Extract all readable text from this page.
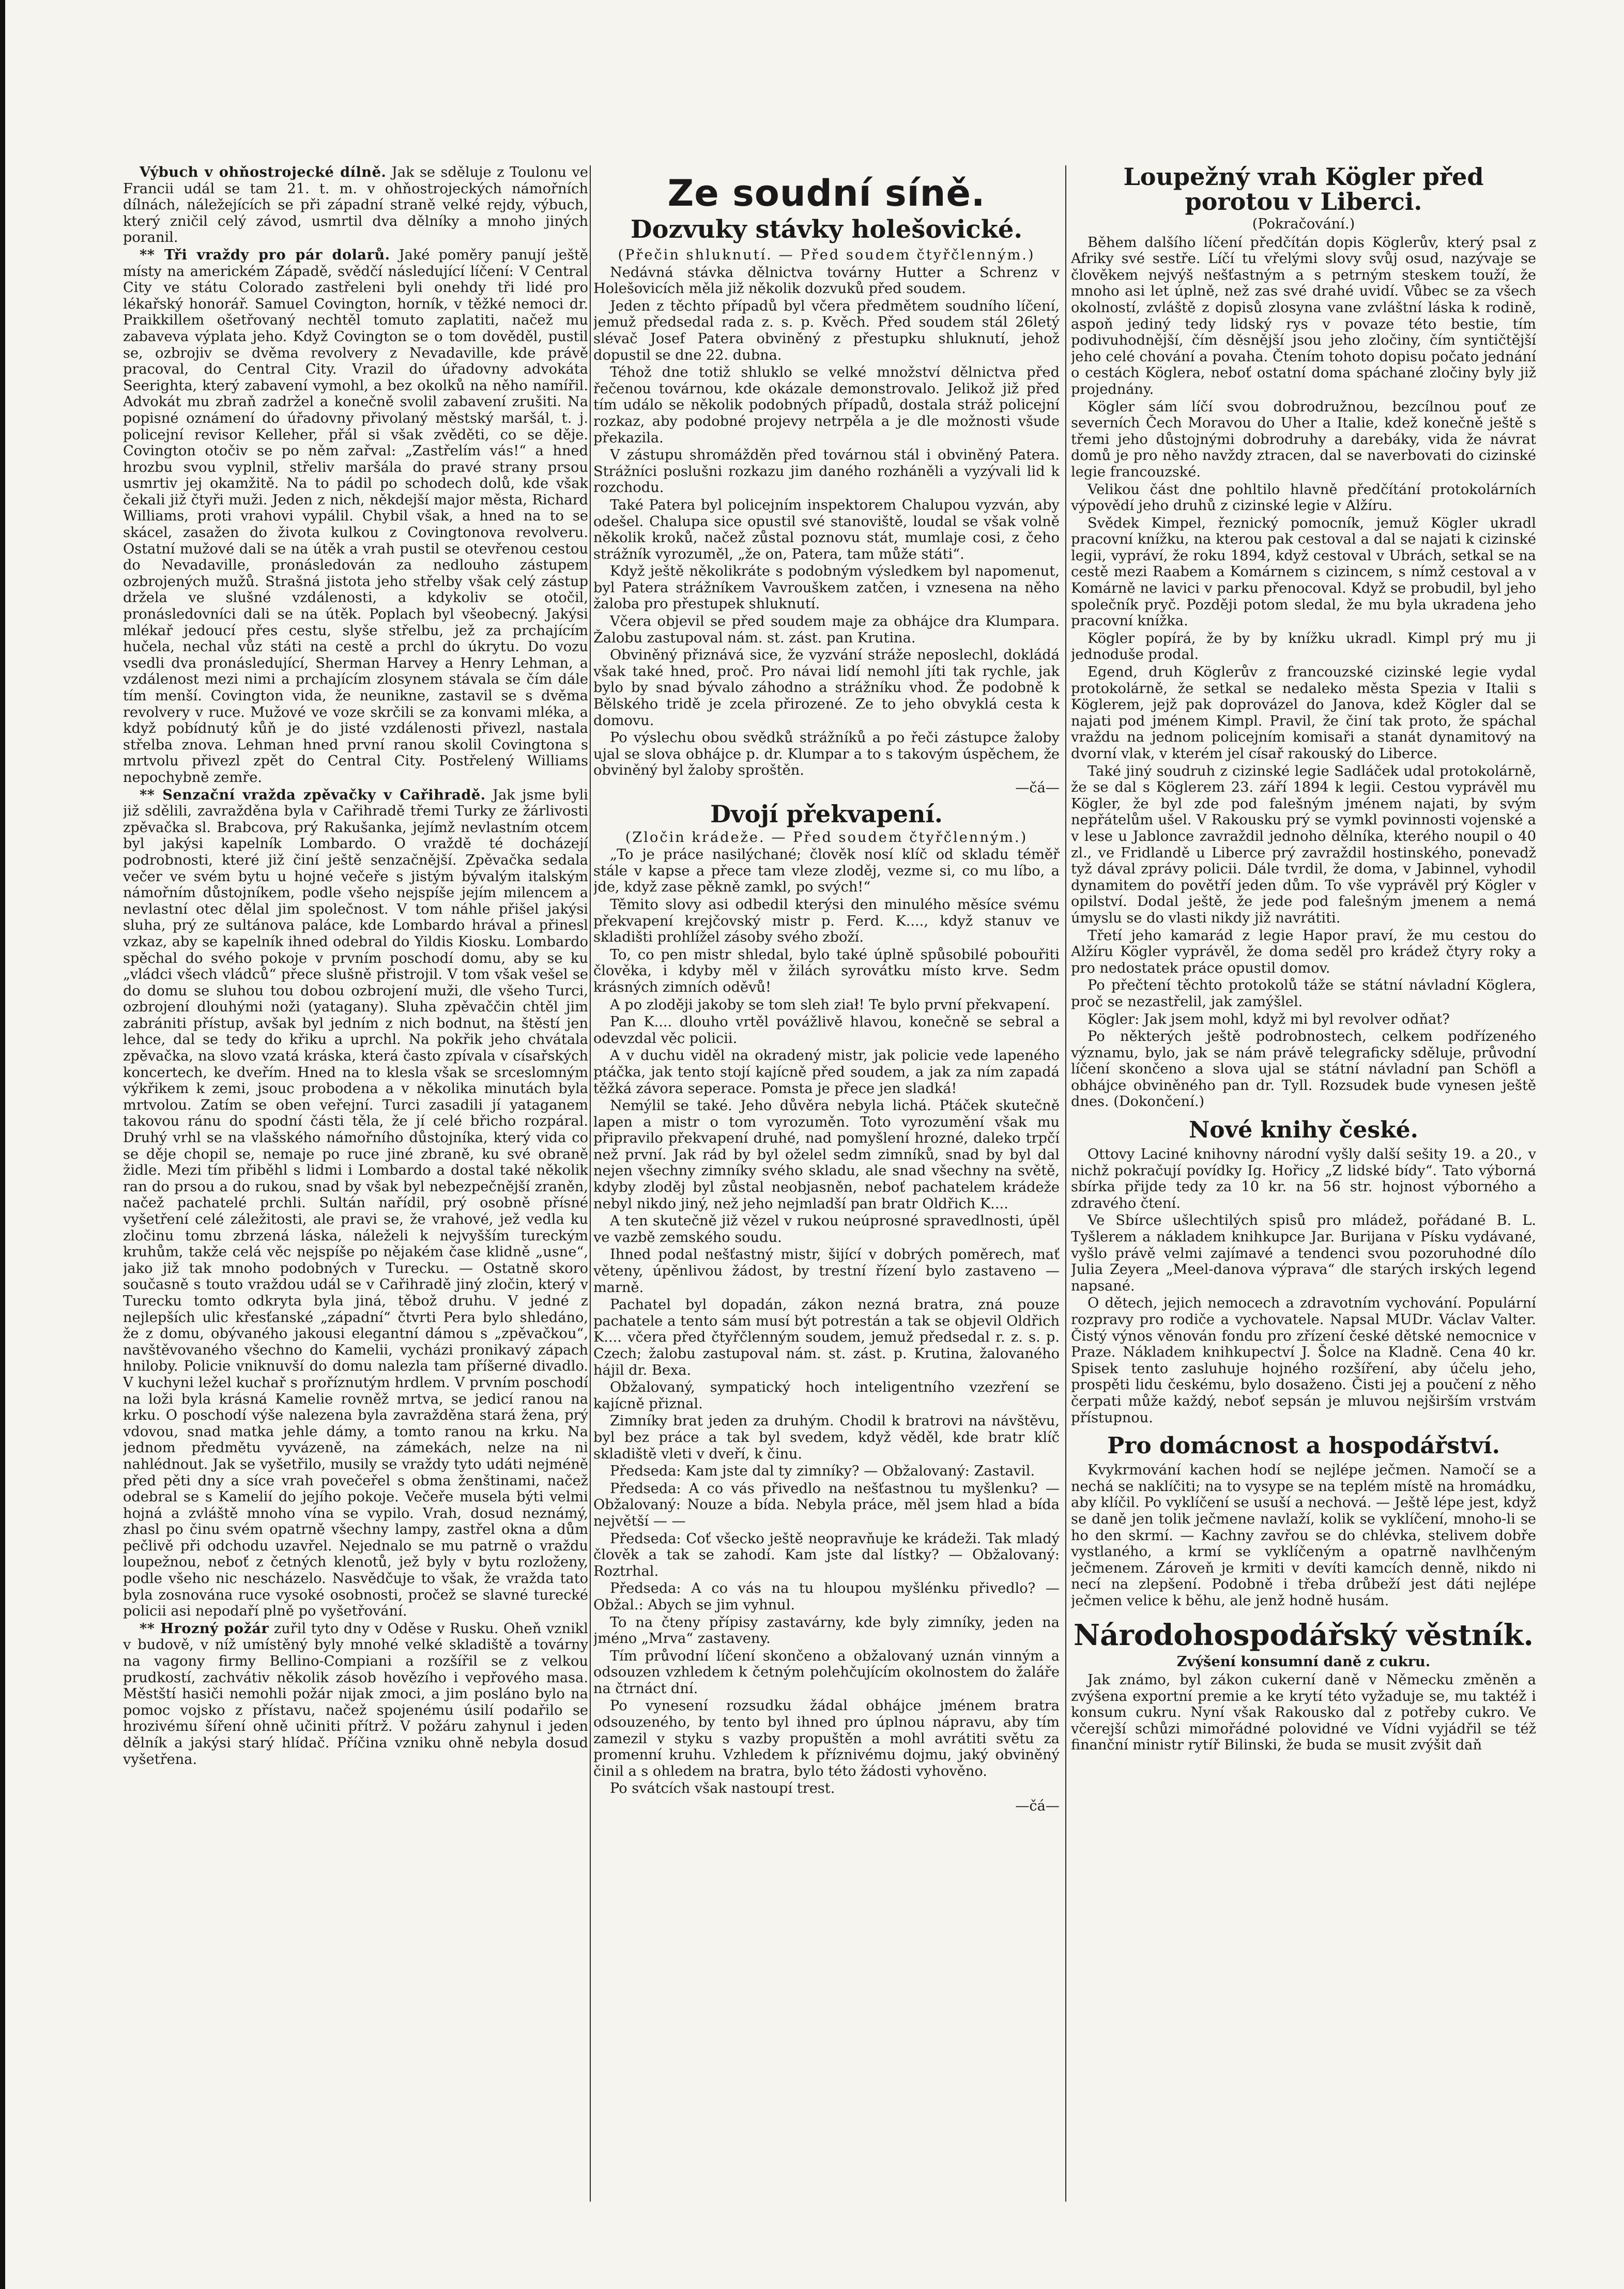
Výbuch v ohňostrojecké dílně. Jak se sděluje z Toulonu ve Francii udál se tam 21. t. m. v ohňostrojeckých námořních dílnách, náležejících se při západní straně velké rejdy, výbuch, který zničil celý závod, usmrtil dva dělníky a mnoho jiných poranil.

** Tři vraždy pro pár dolarů. Jaké poměry panují ještě místy na americkém Západě, svědčí následující líčení: V Central City ve státu Colorado zastřeleni byli onehdy tři lidé pro lékařský honorář. Samuel Covington, horník, v těžké nemoci dr. Praikkillem ošetřovaný nechtěl tomuto zaplatiti, načež mu zabaveva výplata jeho. Když Covington se o tom dověděl, pustil se, ozbrojiv se dvěma revolvery z Nevadaville, kde právě pracoval, do Central City. Vrazil do úřadovny advokáta Seerighta, který zabavení vymohl, a bez okolků na něho namířil. Advokát mu zbraň zadržel a konečně svolil zabavení zrušiti. Na popisné oznámení do úřadovny přivolaný městský maršál, t. j. policejní revisor Kelleher, přál si však zvěděti, co se děje. Covington otočiv se po něm zařval: „Zastřelím vás!“ a hned hrozbu svou vyplnil, střeliv maršála do pravé strany prsou usmrtiv jej okamžitě. Na to pádil po schodech dolů, kde však čekali již čtyři muži. Jeden z nich, někdejší major města, Richard Williams, proti vrahovi vypálil. Chybil však, a hned na to se skácel, zasažen do života kulkou z Covingtonova revolveru. Ostatní mužové dali se na útěk a vrah pustil se otevřenou cestou do Nevadaville, pronásledován za nedlouho zástupem ozbrojených mužů. Strašná jistota jeho střelby však celý zástup držela ve slušné vzdálenosti, a kdykoliv se otočil, pronásledovníci dali se na útěk. Poplach byl všeobecný. Jakýsi mlékař jedoucí přes cestu, slyše střelbu, jež za prchajícím hučela, nechal vůz státi na cestě a prchl do úkrytu. Do vozu vsedli dva pronásledující, Sherman Harvey a Henry Lehman, a vzdálenost mezi nimi a prchajícím zlosynem stávala se čím dále tím menší. Covington vida, že neunikne, zastavil se s dvěma revolvery v ruce. Mužové ve voze skrčili se za konvami mléka, a když pobídnutý kůň je do jisté vzdálenosti přivezl, nastala střelba znova. Lehman hned první ranou skolil Covingtona s mrtvolu přivezl zpět do Central City. Postřelený Williams nepochybně zemře.

** Senzační vražda zpěvačky v Cařihradě. Jak jsme byli již sdělili, zavražděna byla v Cařihradě třemi Turky ze žárlivosti zpěvačka sl. Brabcova, prý Rakušanka, jejímž nevlastním otcem byl jakýsi kapelník Lombardo. O vraždě té docházejí podrobnosti, které již činí ještě senzačnější. Zpěvačka sedala večer ve svém bytu u hojné večeře s jistým bývalým italským námořním důstojníkem, podle všeho nejspíše jejím milencem a nevlastní otec dělal jim společnost. V tom náhle přišel jakýsi sluha, prý ze sultánova paláce, kde Lombardo hrával a přinesl vzkaz, aby se kapelník ihned odebral do Yildis Kiosku. Lombardo spěchal do svého pokoje v prvním poschodí domu, aby se ku „vládci všech vládců“ přece slušně přistrojil. V tom však vešel se do domu se sluhou tou dobou ozbrojení muži, dle všeho Turci, ozbrojení dlouhými noži (yatagany). Sluha zpěvaččin chtěl jim zabrániti přístup, avšak byl jedním z nich bodnut, na štěstí jen lehce, dal se tedy do křiku a uprchl. Na pokřik jeho chvátala zpěvačka, na slovo vzatá kráska, která často zpívala v císařských koncertech, ke dveřím. Hned na to klesla však se srceslomným výkřikem k zemi, jsouc probodena a v několika minutách byla mrtvolou. Zatím se oben veřejní. Turci zasadili jí yataganem takovou ránu do spodní části těla, že jí celé břicho rozpáral. Druhý vrhl se na vlašského námořního důstojníka, který vida co se děje chopil se, nemaje po ruce jiné zbraně, ku své obraně židle. Mezi tím přiběhl s lidmi i Lombardo a dostal také několik ran do prsou a do rukou, snad by však byl nebezpečnější zraněn, načež pachatelé prchli. Sultán nařídil, prý osobně přísné vyšetření celé záležitosti, ale pravi se, že vrahové, jež vedla ku zločinu tomu zbrzená láska, náleželi k nejvyšším tureckým kruhům, takže celá věc nejspíše po nějakém čase klidně „usne“, jako již tak mnoho podobných v Turecku. — Ostatně skoro současně s touto vraždou udál se v Cařihradě jiný zločin, který v Turecku tomto odkryta byla jiná, těbož druhu. V jedné z nejlepších ulic křesťanské „západní“ čtvrti Pera bylo shledáno, že z domu, obývaného jakousi elegantní dámou s „zpěvačkou“, navštěvovaného všechno do Kamelii, vycházi pronikavý zápach hniloby. Policie vniknuvší do domu nalezla tam příšerné divadlo. V kuchyni ležel kuchař s proříznutým hrdlem. V prvním poschodí na loži byla krásná Kamelie rovněž mrtva, se jedicí ranou na krku. O poschodí výše nalezena byla zavražděna stará žena, prý vdovou, snad matka jehle dámy, a tomto ranou na krku. Na jednom předmětu vyvázeně, na zámekách, nelze na ni nahlédnout. Jak se vyšetřilo, musily se vraždy tyto udáti nejméně před pěti dny a síce vrah povečeřel s obma ženštinami, načež odebral se s Kamelií do jejího pokoje. Večeře musela býti velmi hojná a zvláště mnoho vína se vypilo. Vrah, dosud neznámý, zhasl po činu svém opatrně všechny lampy, zastřel okna a dům pečlivě při odchodu uzavřel. Nejednalo se mu patrně o vraždu loupežnou, neboť z četných klenotů, jež byly v bytu rozloženy, podle všeho nic nescházelo. Nasvědčuje to však, že vražda tato byla zosnována ruce vysoké osobnosti, pročež se slavné turecké policii asi nepodaří plně po vyšetřování.

** Hrozný požár zuřil tyto dny v Oděse v Rusku. Oheň vznikl v budově, v níž umístěný byly mnohé velké skladiště a továrny na vagony firmy Bellino-Compiani a rozšířil se z velkou prudkostí, zachvátiv několik zásob hovězího i vepřového masa. Městští hasiči nemohli požár nijak zmoci, a jim posláno bylo na pomoc vojsko z přístavu, načež spojenému úsilí podařilo se hrozivému šíření ohně učiniti přítrž. V požáru zahynul i jeden dělník a jakýsi starý hlídač. Příčina vzniku ohně nebyla dosud vyšetřena.

Ze soudní síně.
Dozvuky stávky holešovické.

(Přečin shluknutí. — Před soudem čtyřčlenným.)

Nedávná stávka dělnictva továrny Hutter a Schrenz v Holešovicích měla již několik dozvuků před soudem.

Jeden z těchto případů byl včera předmětem soudního líčení, jemuž předsedal rada z. s. p. Kvěch. Před soudem stál 26letý slévač Josef Patera obviněný z přestupku shluknutí, jehož dopustil se dne 22. dubna.

Téhož dne totiž shluklo se velké množství dělnictva před řečenou továrnou, kde okázale demonstrovalo. Jelikož již před tím událo se několik podobných případů, dostala stráž policejní rozkaz, aby podobné projevy netrpěla a je dle možnosti všude překazila.

V zástupu shromážděn před továrnou stál i obviněný Patera. Strážníci poslušni rozkazu jim daného rozháněli a vyzývali lid k rozchodu.

Také Patera byl policejním inspektorem Chalupou vyzván, aby odešel. Chalupa sice opustil své stanoviště, loudal se však volně několik kroků, načež zůstal poznovu stát, mumlaje cosi, z čeho strážník vyrozuměl, „že on, Patera, tam může státi“.

Když ještě několikráte s podobným výsledkem byl napomenut, byl Patera strážníkem Vavrouškem zatčen, i vznesena na něho žaloba pro přestupek shluknutí.

Včera objevil se před soudem maje za obhájce dra Klumpara. Žalobu zastupoval nám. st. zást. pan Krutina.

Obviněný přiznává sice, že vyzvání stráže neposlechl, dokládá však také hned, proč. Pro návai lidí nemohl jíti tak rychle, jak bylo by snad bývalo záhodno a strážníku vhod. Že podobně k Bělského tridě je zcela přirozené. Ze to jeho obvyklá cesta k domovu.

Po výslechu obou svědků strážníků a po řeči zástupce žaloby ujal se slova obhájce p. dr. Klumpar a to s takovým úspěchem, že obviněný byl žaloby sproštěn.

—čá—

Dvojí překvapení.

(Zločin krádeže. — Před soudem čtyřčlenným.)

„To je práce nasilýchané; člověk nosí klíč od skladu téměř stále v kapse a přece tam vleze zloděj, vezme si, co mu líbo, a jde, když zase pěkně zamkl, po svých!“

Těmito slovy asi odbedil kterýsi den minulého měsíce svému překvapení krejčovský mistr p. Ferd. K...., když stanuv ve skladišti prohlížel zásoby svého zboží.

To, co pen mistr shledal, bylo také úplně spůsobilé pobouřiti člověka, i kdyby měl v žilách syrovátku místo krve. Sedm krásných zimních oděvů!

A po zloději jakoby se tom sleh ział! Te bylo první překvapení.

Pan K.... dlouho vrtěl povážlivě hlavou, konečně se sebral a odevzdal věc policii.

A v duchu viděl na okradený mistr, jak policie vede lapeného ptáčka, jak tento stojí kajícně před soudem, a jak za ním zapadá těžká závora seperace. Pomsta je přece jen sladká!

Nemýlil se také. Jeho důvěra nebyla lichá. Ptáček skutečně lapen a mistr o tom vyrozuměn. Toto vyrozumění však mu připravilo překvapení druhé, nad pomyšlení hrozné, daleko trpčí než první. Jak rád by byl oželel sedm zimníků, snad by byl dal nejen všechny zimníky svého skladu, ale snad všechny na světě, kdyby zloděj byl zůstal neobjasněn, neboť pachatelem krádeže nebyl nikdo jiný, než jeho nejmladší pan bratr Oldřich K....

A ten skutečně již vězel v rukou neúprosné spravedlnosti, úpěl ve vazbě zemského soudu.

Ihned podal nešťastný mistr, šijící v dobrých poměrech, mať věteny, úpěnlivou žádost, by trestní řízení bylo zastaveno — marně.

Pachatel byl dopadán, zákon nezná bratra, zná pouze pachatele a tento sám musí být potrestán a tak se objevil Oldřich K.... včera před čtyřčlenným soudem, jemuž předsedal r. z. s. p. Czech; žalobu zastupoval nám. st. zást. p. Krutina, žalovaného hájil dr. Bexa.

Obžalovaný, sympatický hoch inteligentního vzezření se kajícně přiznal.

Zimníky brat jeden za druhým. Chodil k bratrovi na návštěvu, byl bez práce a tak byl svedem, když věděl, kde bratr klíč skladiště vleti v dveří, k činu.

Předseda: Kam jste dal ty zimníky? — Obžalovaný: Zastavil.

Předseda: A co vás přivedlo na nešťastnou tu myšlenku? — Obžalovaný: Nouze a bída. Nebyla práce, měl jsem hlad a bída největší — —

Předseda: Coť všecko ještě neopravňuje ke krádeži. Tak mladý člověk a tak se zahodí. Kam jste dal lístky? — Obžalovaný: Roztrhal.

Předseda: A co vás na tu hloupou myšlénku přivedlo? — Obžal.: Abych se jim vyhnul.

To na čteny přípisy zastavárny, kde byly zimníky, jeden na jméno „Mrva“ zastaveny.

Tím průvodní líčení skončeno a obžalovaný uznán vinným a odsouzen vzhledem k četným polehčujícím okolnostem do žaláře na čtrnáct dní.

Po vynesení rozsudku žádal obhájce jménem bratra odsouzeného, by tento byl ihned pro úplnou nápravu, aby tím zamezil v styku s vazby propuštěn a mohl avrátiti světu za promenní kruhu. Vzhledem k příznivému dojmu, jaký obviněný činil a s ohledem na bratra, bylo této žádosti vyhověno.

Po svátcích však nastoupí trest.

—čá—

Loupežný vrah Kögler před porotou v Liberci.

(Pokračování.)

Během dalšího líčení předčítán dopis Köglerův, který psal z Afriky své sestře. Líčí tu vřelými slovy svůj osud, nazývaje se člověkem nejvýš nešťastným a s petrným steskem touží, že mnoho asi let úplně, než zas své drahé uvidí. Vůbec se za všech okolností, zvláště z dopisů zlosyna vane zvláštní láska k rodině, aspoň jediný tedy lidský rys v povaze této bestie, tím podivuhodnější, čím děsnější jsou jeho zločiny, čím syntičtější jeho celé chování a povaha. Čtením tohoto dopisu počato jednání o cestách Köglera, neboť ostatní doma spáchané zločiny byly již projednány.

Kögler sám líčí svou dobrodružnou, bezcílnou pouť ze severních Čech Moravou do Uher a Italie, kdež konečně ještě s třemi jeho důstojnými dobrodruhy a darebáky, vida že návrat domů je pro něho navždy ztracen, dal se naverbovati do cizinské legie francouzské.

Velikou část dne pohltilo hlavně předčítání protokolárních výpovědí jeho druhů z cizinské legie v Alžíru.

Svědek Kimpel, řeznický pomocník, jemuž Kögler ukradl pracovní knížku, na kterou pak cestoval a dal se najati k cizinské legii, vypráví, že roku 1894, když cestoval v Ubrách, setkal se na cestě mezi Raabem a Komárnem s cizincem, s nímž cestoval a v Komárně ne lavici v parku přenocoval. Když se probudil, byl jeho společník pryč. Později potom sledal, že mu byla ukradena jeho pracovní knížka.

Kögler popírá, že by by knížku ukradl. Kimpl prý mu ji jednoduše prodal.

Egend, druh Köglerův z francouzské cizinské legie vydal protokolárně, že setkal se nedaleko města Spezia v Italii s Köglerem, jejž pak doprovázel do Janova, kdež Kögler dal se najati pod jménem Kimpl. Pravil, že činí tak proto, že spáchal vraždu na jednom policejním komisaři a stanát dynamitový na dvorní vlak, v kterém jel císař rakouský do Liberce.

Také jiný soudruh z cizinské legie Sadláček udal protokolárně, že se dal s Köglerem 23. září 1894 k legii. Cestou vyprávěl mu Kögler, že byl zde pod falešným jménem najati, by svým nepřátelům ušel. V Rakousku prý se vymkl povinnosti vojenské a v lese u Jablonce zavraždil jednoho dělníka, kterého noupil o 40 zl., ve Fridlandě u Liberce prý zavraždil hostinského, ponevadž tyž dával zprávy policii. Dále tvrdil, že doma, v Jabinnel, vyhodil dynamitem do povětří jeden dům. To vše vyprávěl prý Kögler v opilství. Dodal ještě, že jede pod falešným jmenem a nemá úmyslu se do vlasti nikdy již navrátiti.

Třetí jeho kamarád z legie Hapor praví, že mu cestou do Alžíru Kögler vyprávěl, že doma seděl pro krádež čtyry roky a pro nedostatek práce opustil domov.

Po přečtení těchto protokolů táže se státní návladní Köglera, proč se nezastřelil, jak zamýšlel.

Kögler: Jak jsem mohl, když mi byl revolver odňat?

Po některých ještě podrobnostech, celkem podřízeného významu, bylo, jak se nám právě telegraficky sděluje, průvodní líčení skončeno a slova ujal se státní návladní pan Schöfl a obhájce obviněného pan dr. Tyll. Rozsudek bude vynesen ještě dnes. (Dokončení.)

Nové knihy české.

Ottovy Laciné knihovny národní vyšly další sešity 19. a 20., v nichž pokračují povídky Ig. Hořicy „Z lidské bídy“. Tato výborná sbírka přijde tedy za 10 kr. na 56 str. hojnost výborného a zdravého čtení.

Ve Sbírce ušlechtilých spisů pro mládež, pořádané B. L. Tyšlerem a nákladem knihkupce Jar. Burijana v Písku vydávané, vyšlo právě velmi zajímavé a tendenci svou pozoruhodné dílo Julia Zeyera „Meel-danova výprava“ dle starých irských legend napsané.

O dětech, jejich nemocech a zdravotním vychování. Populární rozpravy pro rodiče a vychovatele. Napsal MUDr. Václav Valter. Čistý výnos věnován fondu pro zřízení české dětské nemocnice v Praze. Nákladem knihkupectví J. Šolce na Kladně. Cena 40 kr. Spisek tento zasluhuje hojného rozšíření, aby účelu jeho, prospěti lidu českému, bylo dosaženo. Čisti jej a poučení z něho čerpati může každý, neboť sepsán je mluvou nejširším vrstvám přístupnou.

Pro domácnost a hospodářství.

Kvykrmování kachen hodí se nejlépe ječmen. Namočí se a nechá se naklíčiti; na to vysype se na teplém místě na hromádku, aby klíčil. Po vyklíčení se usuší a nechová. — Ještě lépe jest, když se daně jen tolik ječmene navlaží, kolik se vyklíčení, mnoho-li se ho den skrmí. — Kachny zavřou se do chlévka, stelivem dobře vystlaného, a krmí se vyklíčeným a opatrně navlhčeným ječmenem. Zároveň je krmiti v devíti kamcích denně, nikdo ni necí na zlepšení. Podobně i třeba drůbeží jest dáti nejlépe ječmen velice k běhu, ale jenž hodně husám.

Národohospodářský věstník.

Zvýšení konsumní daně z cukru.

Jak známo, byl zákon cukerní daně v Německu změněn a zvýšena exportní premie a ke krytí této vyžaduje se, mu taktéž i konsum cukru. Nyní však Rakousko dal z potřeby cukro. Ve včerejší schůzi mimořádné polovidné ve Vídni vyjádřil se též finanční ministr rytíř Bilinski, že buda se musit zvýšit daň
